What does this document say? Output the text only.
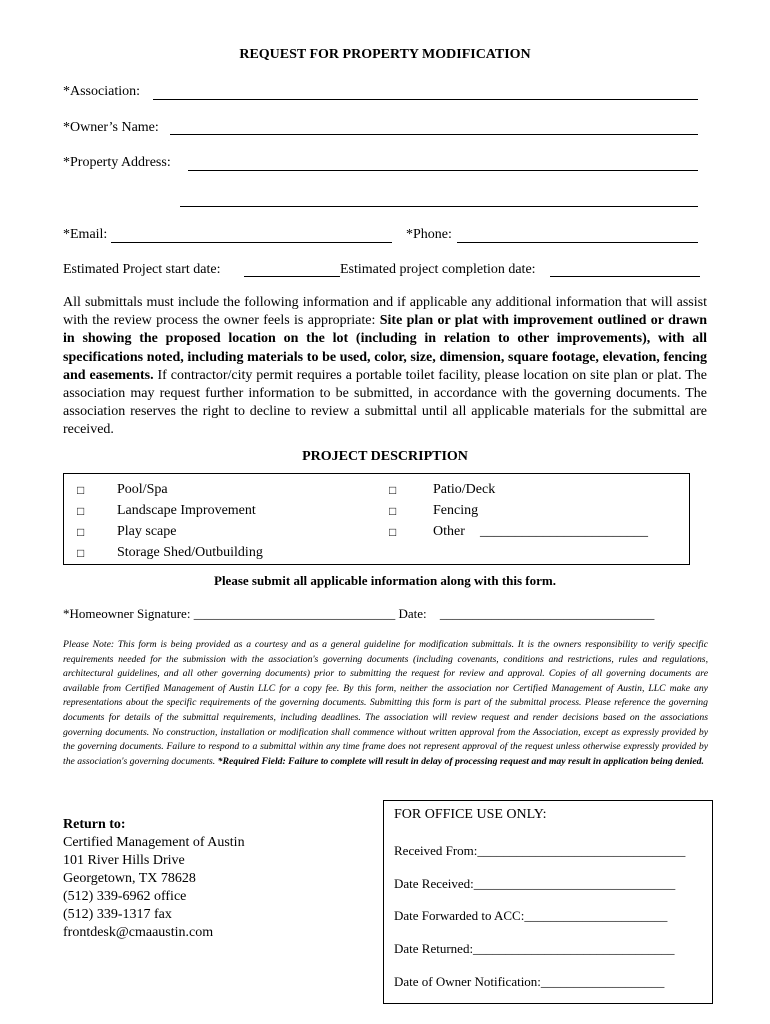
REQUEST FOR PROPERTY MODIFICATION
*Association:
*Owner’s Name:
*Property Address:
*Email:	*Phone:
Estimated Project start date:	Estimated project completion date:
All submittals must include the following information and if applicable any additional information that will assist with the review process the owner feels is appropriate: Site plan or plat with improvement outlined or drawn in showing the proposed location on the lot (including in relation to other improvements), with all specifications noted, including materials to be used, color, size, dimension, square footage, elevation, fencing and easements. If contractor/city permit requires a portable toilet facility, please location on site plan or plat. The association may request further information to be submitted, in accordance with the governing documents. The association reserves the right to decline to review a submittal until all applicable materials for the submittal are received.
PROJECT DESCRIPTION
□ Pool/Spa
□ Landscape Improvement
□ Play scape
□ Storage Shed/Outbuilding
□	Patio/Deck
□	Fencing
□	Other ________________________
Please submit all applicable information along with this form.
*Homeowner Signature: _______________________________ Date: _________________________________
Please Note: This form is being provided as a courtesy and as a general guideline for modification submittals. It is the owners responsibility to verify specific requirements needed for the submission with the association's governing documents (including covenants, conditions and restrictions, rules and regulations, architectural guidelines, and all other governing documents) prior to submitting the request for review and approval. Copies of all governing documents are available from Certified Management of Austin LLC for a copy fee. By this form, neither the association nor Certified Management of Austin, LLC make any representations about the specific requirements of the governing documents. Submitting this form is part of the submittal process. Please reference the governing documents for details of the submittal requirements, including deadlines. The association will review request and render decisions based on the associations governing documents. No construction, installation or modification shall commence without written approval from the Association, except as expressly provided by the governing documents. Failure to respond to a submittal within any time frame does not represent approval of the request unless otherwise expressly provided by the association's governing documents. *Required Field: Failure to complete will result in delay of processing request and may result in application being denied.
Return to:
Certified Management of Austin
101 River Hills Drive
Georgetown, TX 78628
(512) 339-6962 office
(512) 339-1317 fax
frontdesk@cmaaustin.com
FOR OFFICE USE ONLY:
Received From:________________________________
Date Received:_______________________________
Date Forwarded to ACC:______________________
Date Returned:_______________________________
Date of Owner Notification:___________________
